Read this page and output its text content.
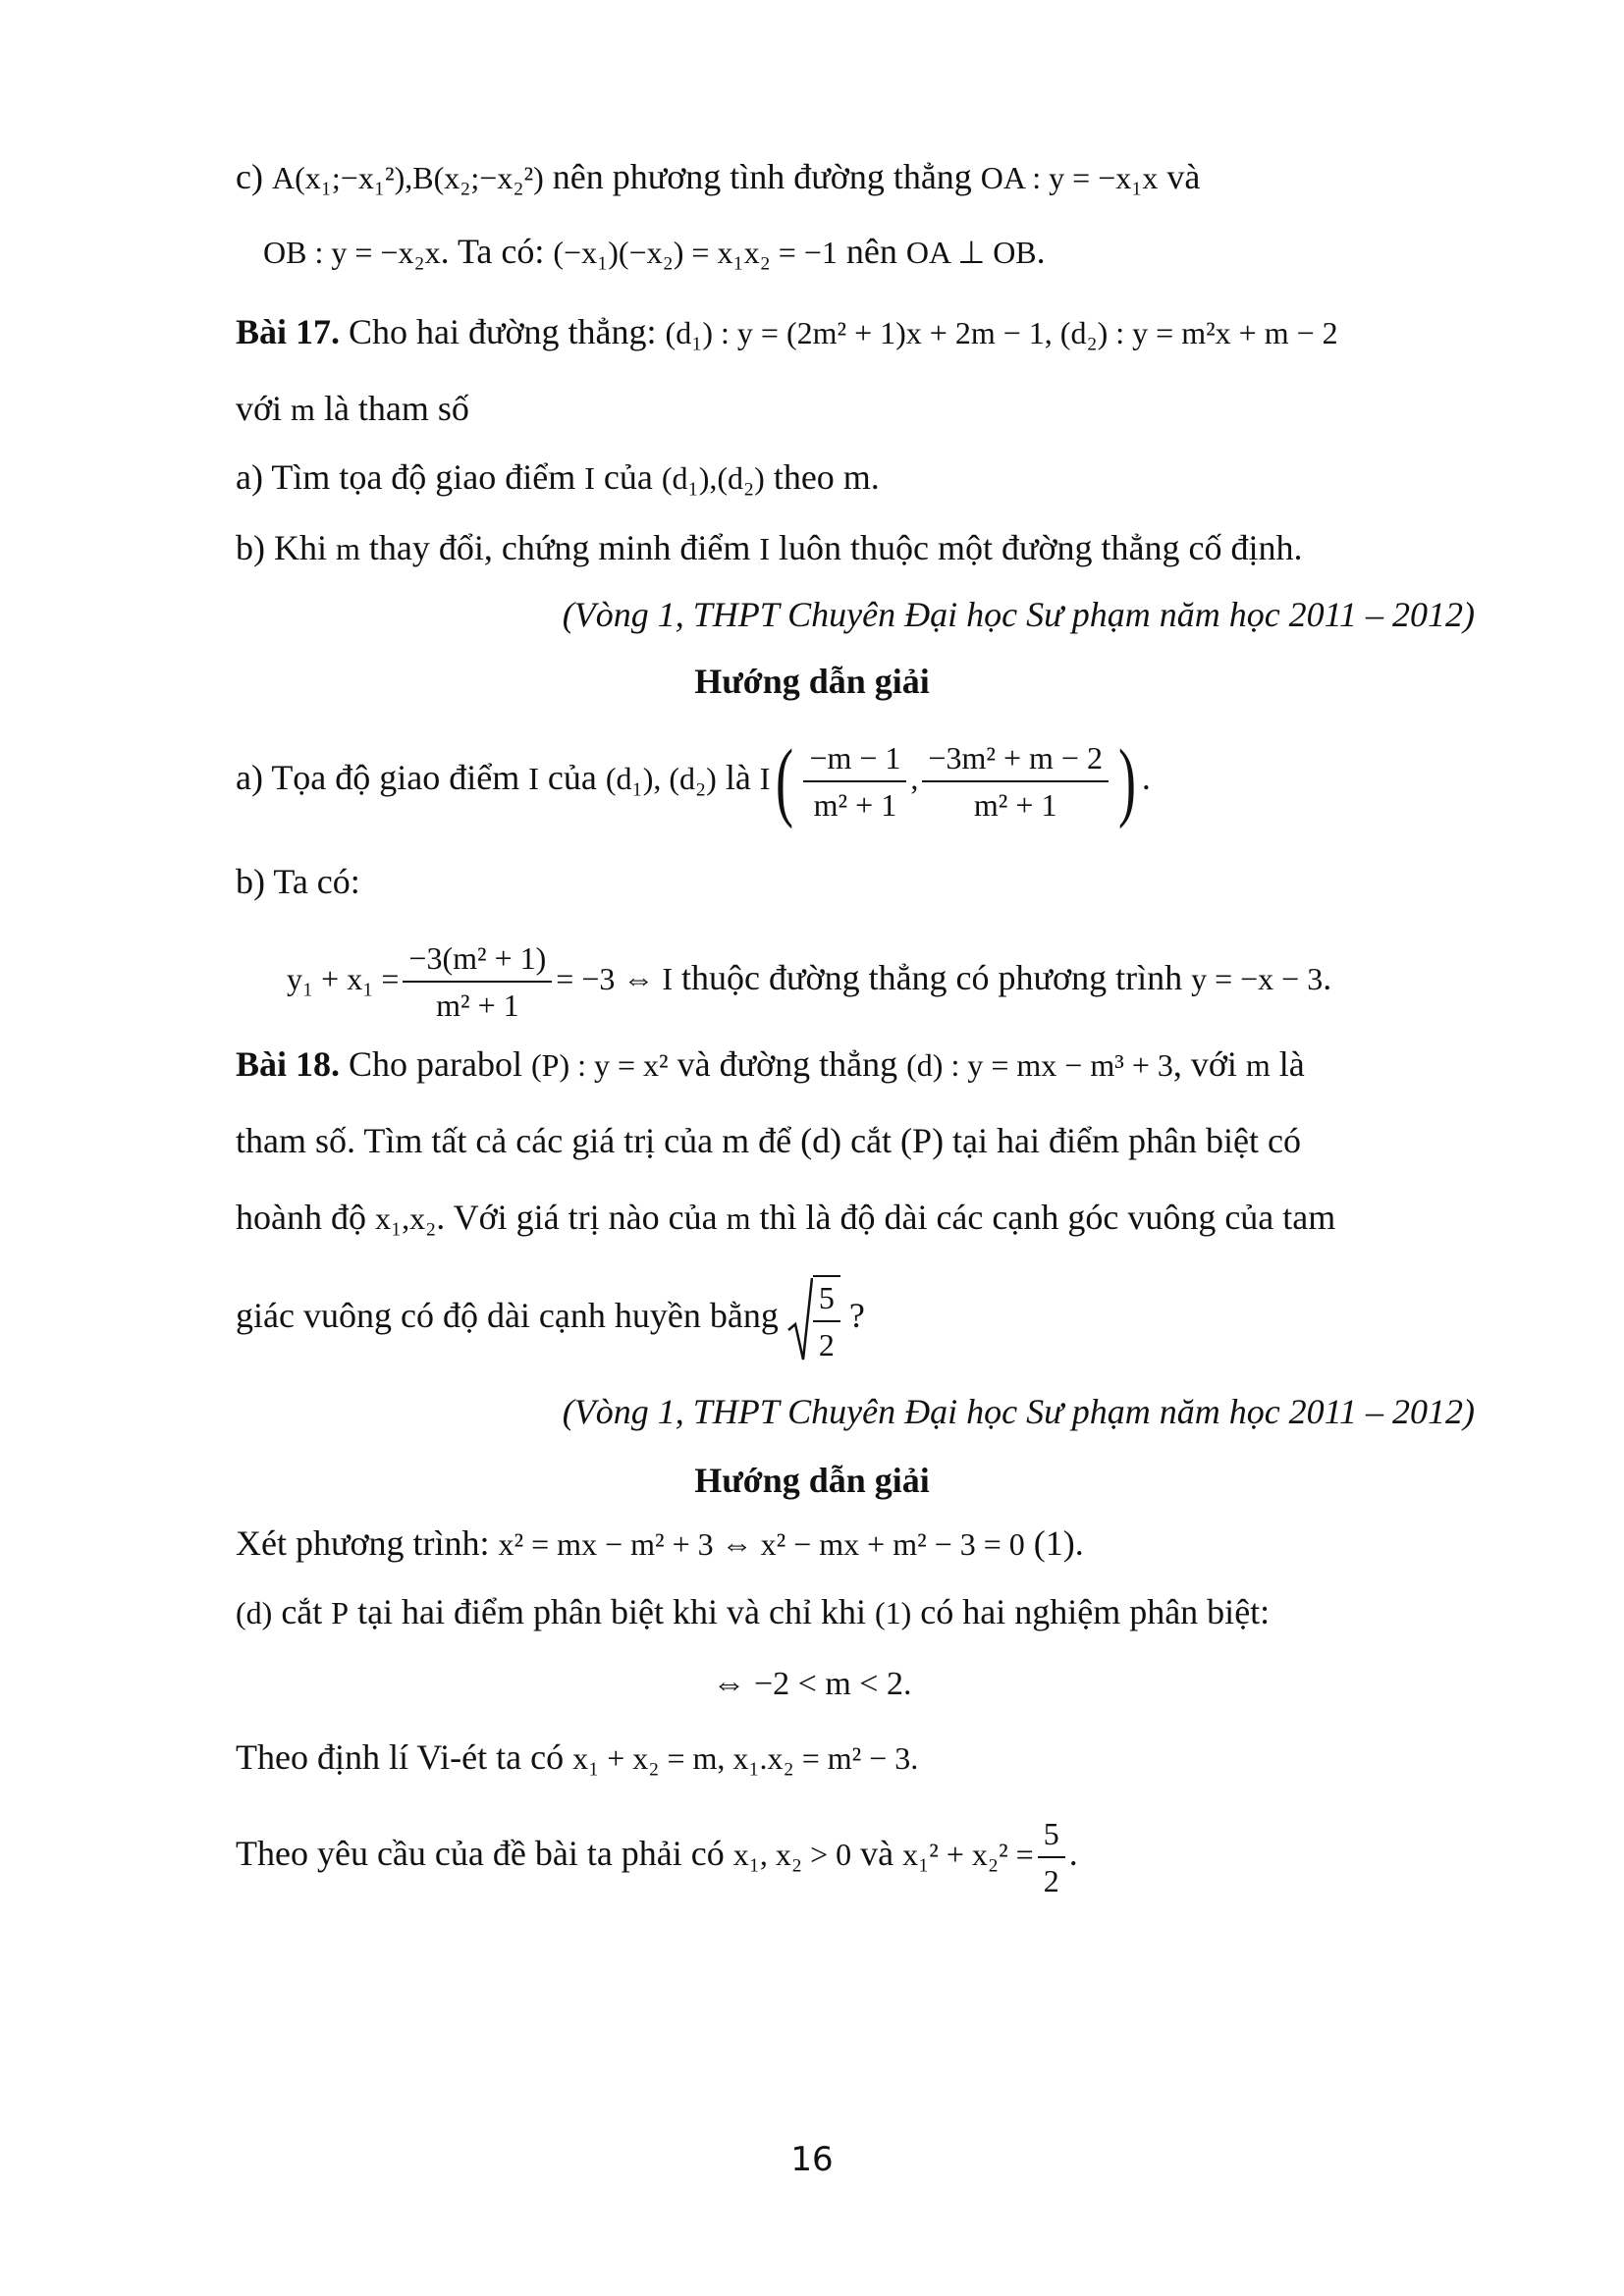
c) A(x₁;−x₁²),B(x₂;−x₂²) nên phương tình đường thẳng OA : y = −x₁x và
OB : y = −x₂x. Ta có: (−x₁)(−x₂) = x₁x₂ = −1 nên OA ⊥ OB.
Bài 17. Cho hai đường thẳng: (d₁) : y = (2m² + 1)x + 2m − 1, (d₂) : y = m²x + m − 2
với m là tham số
a) Tìm tọa độ giao điểm I của (d₁),(d₂) theo m.
b) Khi m thay đổi, chứng minh điểm I luôn thuộc một đường thẳng cố định.
(Vòng 1, THPT Chuyên Đại học Sư phạm năm học 2011 – 2012)
Hướng dẫn giải
a) Tọa độ giao điểm I của (d₁), (d₂) là $I( \frac{-m - 1}{\text{m² + 1}}$ , $\frac{\text{−3m² + m − 2}}{\text{m² + 1}}$ ) .
b) Ta có:
$y_1 + x_1 = \frac{\text{−3(m² + 1)}}{\text{m² + 1}} = -3$ ⇔ I thuộc đường thẳng có phương trình y = −x − 3.
Bài 18. Cho parabol (P) : y = x² và đường thẳng (d) : y = mx − m³ + 3, với m là
tham số. Tìm tất cả các giá trị của m để (d) cắt (P) tại hai điểm phân biệt có
hoành độ x₁,x₂. Với giá trị nào của m thì là độ dài các cạnh góc vuông của tam
giác vuông có độ dài cạnh huyền bằng $\frac{5}{2}$ ?
(Vòng 1, THPT Chuyên Đại học Sư phạm năm học 2011 – 2012)
Hướng dẫn giải
Xét phương trình: x² = mx − m² + 3 ⇔ x² − mx + m² − 3 = 0 (1).
(d) cắt P tại hai điểm phân biệt khi và chỉ khi (1) có hai nghiệm phân biệt:
⇔ −2 < m < 2.
Theo định lí Vi-ét ta có x₁ + x₂ = m, x₁.x₂ = m² − 3.
Theo yêu cầu của đề bài ta phải có x₁, x₂ > 0 và $x_1^2 + x_2^2 = \frac{5}{2}$ .
16
